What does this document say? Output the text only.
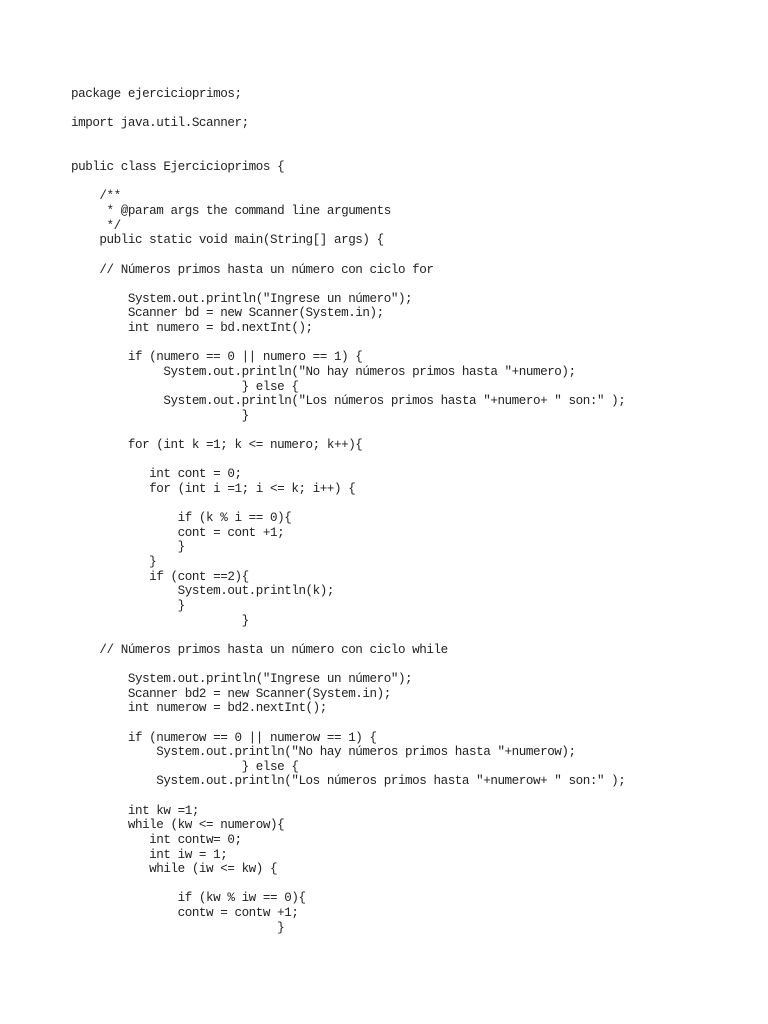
package ejercicioprimos;

import java.util.Scanner;

public class Ejercicioprimos {

/**
* @param args the command line arguments
*/
public static void main(String[] args) {

// Números primos hasta un número con ciclo for

System.out.println("Ingrese un número");
Scanner bd = new Scanner(System.in);
int numero = bd.nextInt();

if (numero == 0 || numero == 1) {
System.out.println("No hay números primos hasta "+numero);
} else {
System.out.println("Los números primos hasta "+numero+ " son:" );
}

for (int k =1; k <= numero; k++){

int cont = 0;
for (int i =1; i <= k; i++) {

if (k % i == 0){
cont = cont +1;
}
}
if (cont ==2){
System.out.println(k);
}
}

// Números primos hasta un número con ciclo while

System.out.println("Ingrese un número");
Scanner bd2 = new Scanner(System.in);
int numerow = bd2.nextInt();

if (numerow == 0 || numerow == 1) {
System.out.println("No hay números primos hasta "+numerow);
} else {
System.out.println("Los números primos hasta "+numerow+ " son:" );

int kw =1;
while (kw <= numerow){
int contw= 0;
int iw = 1;
while (iw <= kw) {

if (kw % iw == 0){
contw = contw +1;
}
